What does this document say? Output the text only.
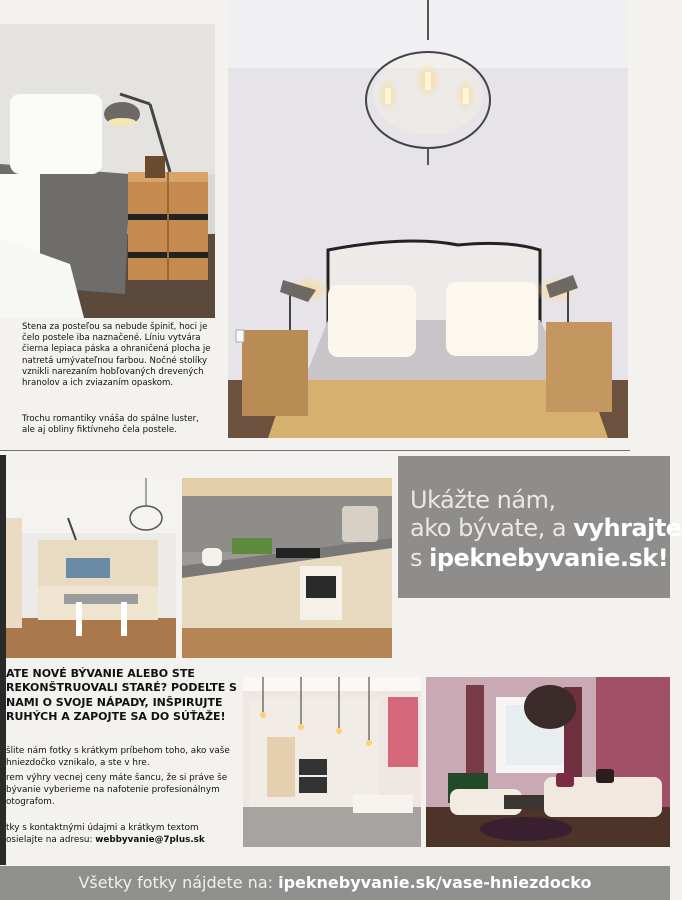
Stena za posteľou sa nebude špiniť, hoci je čelo postele iba naznačené. Líniu vytvára čierna lepiaca páska a ohraničená plocha je natretá umývateľnou farbou. Nočné stolíky vznikli narezaním hobľovaných drevených hranolov a ich zviazaním opaskom.
Trochu romantiky vnáša do spálne luster, ale aj obliny fiktívneho čela postele.
Ukážte nám,
ako bývate, a vyhrajte
s ipeknebyvanie.sk!
ATE NOVÉ BÝVANIE ALEBO STE REKONŠTRUOVALI STARÉ? PODEĽTE S NAMI O SVOJE NÁPADY, INŠPIRUJTE RUHÝCH A ZAPOJTE SA DO SÚŤAŽE!
šlite nám fotky s krátkym príbehom toho, ako vaše hniezdočko vznikalo, a ste v hre.
rem výhry vecnej ceny máte šancu, že si práve še bývanie vyberieme na nafotenie profesionálnym otografom.
tky s kontaktnými údajmi a krátkym textom osielajte na adresu: webbyvanie@7plus.sk
Všetky fotky nájdete na: ipeknebyvanie.sk/vase-hniezdocko
